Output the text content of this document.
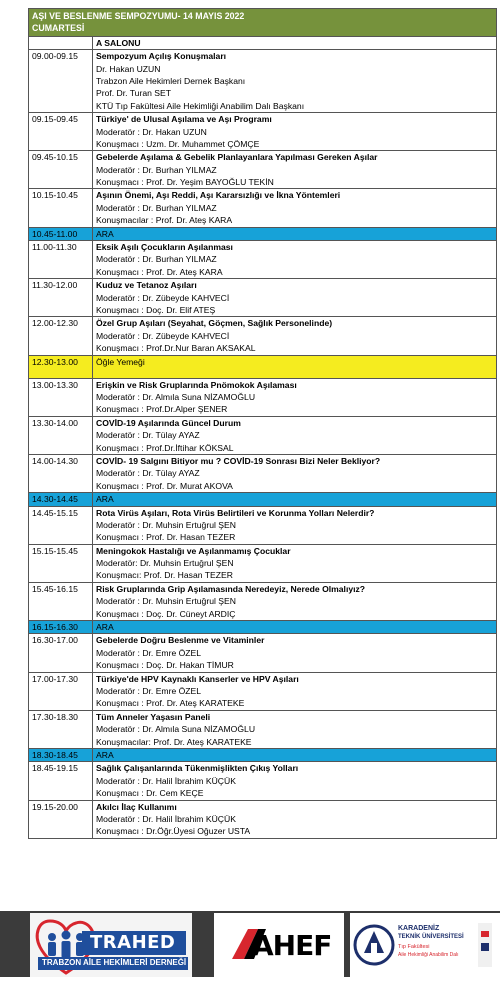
AŞI VE BESLENME SEMPOZYUMU- 14 MAYIS 2022
CUMARTESİ	

	A SALONU
09.00-09.15	Sempozyum Açılış Konuşmaları
Dr. Hakan UZUN
Trabzon Aile Hekimleri Dernek Başkanı
Prof. Dr. Turan SET
KTÜ Tıp Fakültesi Aile Hekimliği Anabilim Dalı Başkanı

09.15-09.45	Türkiye' de Ulusal Aşılama ve Aşı Programı
Moderatör : Dr. Hakan UZUN
Konuşmacı : Uzm. Dr. Muhammet ÇÖMÇE

09.45-10.15	Gebelerde Aşılama & Gebelik Planlayanlara Yapılması Gereken Aşılar
Moderatör : Dr. Burhan YILMAZ
Konuşmacı : Prof. Dr. Yeşim BAYOĞLU TEKİN

10.15-10.45	Aşının Önemi, Aşı Reddi, Aşı Kararsızlığı ve İkna Yöntemleri
Moderatör : Dr. Burhan YILMAZ
Konuşmacılar : Prof. Dr. Ateş KARA

10.45-11.00	ARA
11.00-11.30	Eksik Aşılı Çocukların Aşılanması
Moderatör : Dr. Burhan YILMAZ
Konuşmacı : Prof. Dr. Ateş KARA

11.30-12.00	Kuduz ve Tetanoz Aşıları
Moderatör : Dr. Zübeyde KAHVECİ
Konuşmacı : Doç. Dr. Elif ATEŞ

12.00-12.30	Özel Grup Aşıları (Seyahat, Göçmen, Sağlık Personelinde)
Moderatör : Dr. Zübeyde KAHVECİ
Konuşmacı : Prof.Dr.Nur Baran AKSAKAL

12.30-13.00	Öğle Yemeği
13.00-13.30	Erişkin ve Risk Gruplarında Pnömokok Aşılaması
Moderatör : Dr. Almıla Suna NİZAMOĞLU
Konuşmacı : Prof.Dr.Alper ŞENER

13.30-14.00	COVİD-19 Aşılarında Güncel Durum
Moderatör : Dr. Tülay AYAZ
Konuşmacı : Prof.Dr.İftihar KÖKSAL

14.00-14.30	COVİD- 19 Salgını Bitiyor mu ? COVİD-19 Sonrası Bizi Neler Bekliyor?
Moderatör : Dr. Tülay AYAZ
Konuşmacı : Prof. Dr. Murat AKOVA

14.30-14.45	ARA
14.45-15.15	Rota Virüs Aşıları, Rota Virüs Belirtileri ve Korunma Yolları Nelerdir?
Moderatör : Dr. Muhsin Ertuğrul ŞEN
Konuşmacı : Prof. Dr. Hasan TEZER

15.15-15.45	Meningokok Hastalığı ve Aşılanmamış Çocuklar
Moderatör: Dr. Muhsin Ertuğrul ŞEN
Konuşmacı: Prof. Dr. Hasan TEZER

15.45-16.15	Risk Gruplarında Grip Aşılamasında Neredeyiz, Nerede Olmalıyız?
Moderatör : Dr. Muhsin Ertuğrul ŞEN
Konuşmacı : Doç. Dr. Cüneyt ARDIÇ

16.15-16.30	ARA
16.30-17.00	Gebelerde Doğru Beslenme ve Vitaminler
Moderatör : Dr. Emre ÖZEL
Konuşmacı : Doç. Dr. Hakan TİMUR

17.00-17.30	Türkiye'de HPV Kaynaklı Kanserler ve HPV Aşıları
Moderatör : Dr. Emre ÖZEL
Konuşmacı : Prof. Dr. Ateş KARATEKE

17.30-18.30	Tüm Anneler Yaşasın Paneli
Moderatör : Dr. Almıla Suna NİZAMOĞLU
Konuşmacılar: Prof. Dr. Ateş KARATEKE

18.30-18.45	ARA
18.45-19.15	Sağlık Çalışanlarında Tükenmişlikten Çıkış Yolları
Moderatör : Dr. Halil İbrahim KÜÇÜK
Konuşmacı : Dr. Cem KEÇE

19.15-20.00	Akılcı İlaç Kullanımı
Moderatör : Dr. Halil İbrahim KÜÇÜK
Konuşmacı : Dr.Öğr.Üyesi Oğuzer USTA
TRAHED
TRABZON AİLE HEKİMLERİ DERNEĞİ
AHEF
KARADENİZ
TEKNİK ÜNİVERSİTESİ
Tıp Fakültesi
Aile Hekimliği Anabilim Dalı
